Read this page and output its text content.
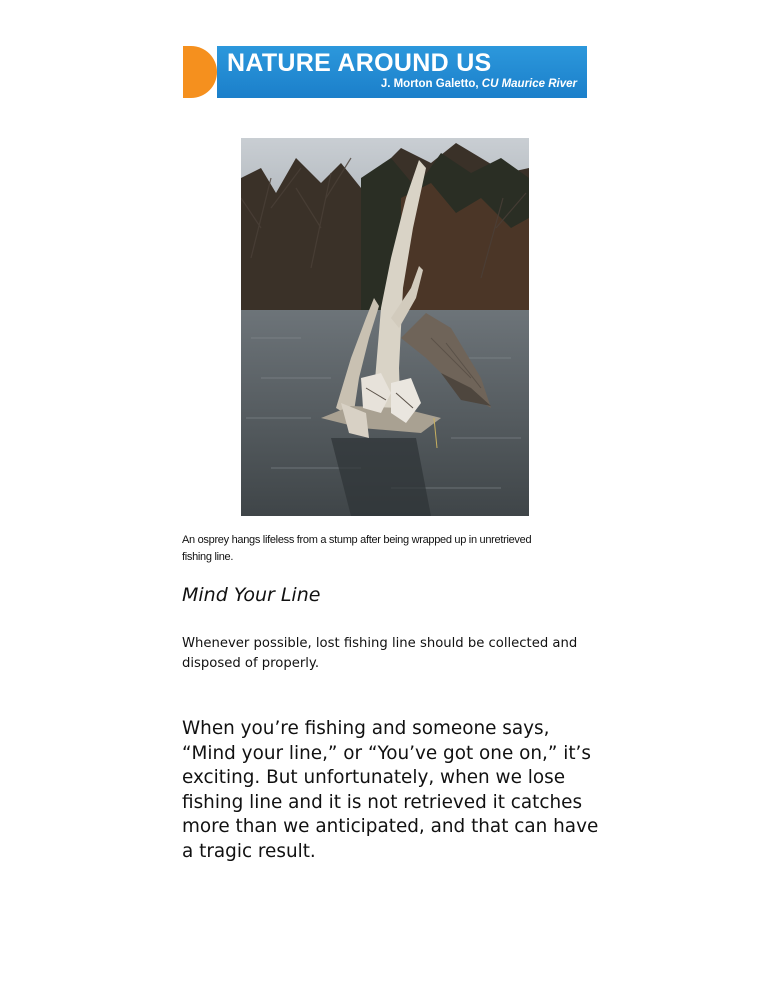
NATURE AROUND US
J. Morton Galetto, CU Maurice River
An osprey hangs lifeless from a stump after being wrapped up in unretrieved fishing line.
Mind Your Line
Whenever possible, lost fishing line should be collected and disposed of properly.
When you’re fishing and someone says, “Mind your line,” or “You’ve got one on,” it’s exciting. But unfortunately, when we lose fishing line and it is not retrieved it catches more than we anticipated, and that can have a tragic result.
